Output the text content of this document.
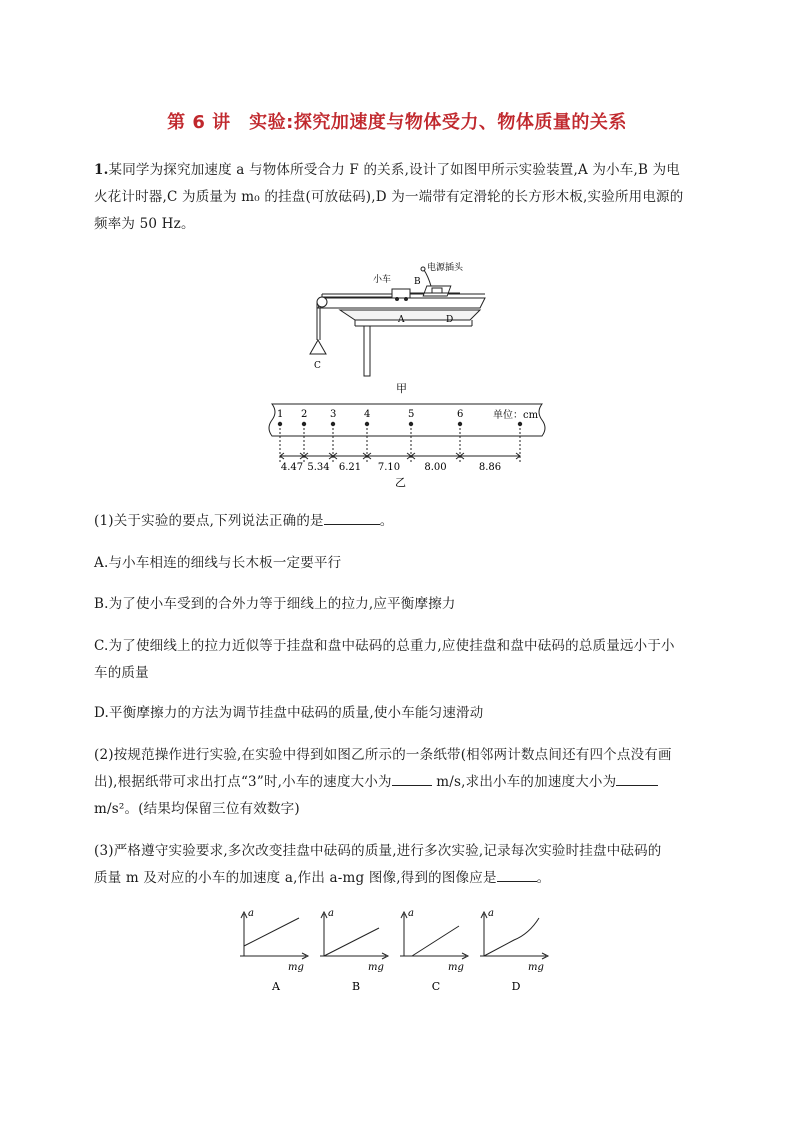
第 6 讲　实验:探究加速度与物体受力、物体质量的关系
1.某同学为探究加速度 a 与物体所受合力 F 的关系,设计了如图甲所示实验装置,A 为小车,B 为电
火花计时器,C 为质量为 m₀ 的挂盘(可放砝码),D 为一端带有定滑轮的长方形木板,实验所用电源的
频率为 50 Hz。
C
A
小车	B
电源插头
D
甲
1 2 3	4	5	6
4.47 5.34 6.21 7.10 8.00	8.86
单位：cm
乙
(1)关于实验的要点,下列说法正确的是	。
A.与小车相连的细线与长木板一定要平行
B.为了使小车受到的合外力等于细线上的拉力,应平衡摩擦力
C.为了使细线上的拉力近似等于挂盘和盘中砝码的总重力,应使挂盘和盘中砝码的总质量远小于小
车的质量
D.平衡摩擦力的方法为调节挂盘中砝码的质量,使小车能匀速滑动
(2)按规范操作进行实验,在实验中得到如图乙所示的一条纸带(相邻两计数点间还有四个点没有画
出),根据纸带可求出打点“3”时,小车的速度大小为	m/s,求出小车的加速度大小为
m/s²。(结果均保留三位有效数字)
(3)严格遵守实验要求,多次改变挂盘中砝码的质量,进行多次实验,记录每次实验时挂盘中砝码的
质量 m 及对应的小车的加速度 a,作出 a-mg 图像,得到的图像应是	。
a
mg
A
a
mg
B
a
mg
C
a
mg
D
